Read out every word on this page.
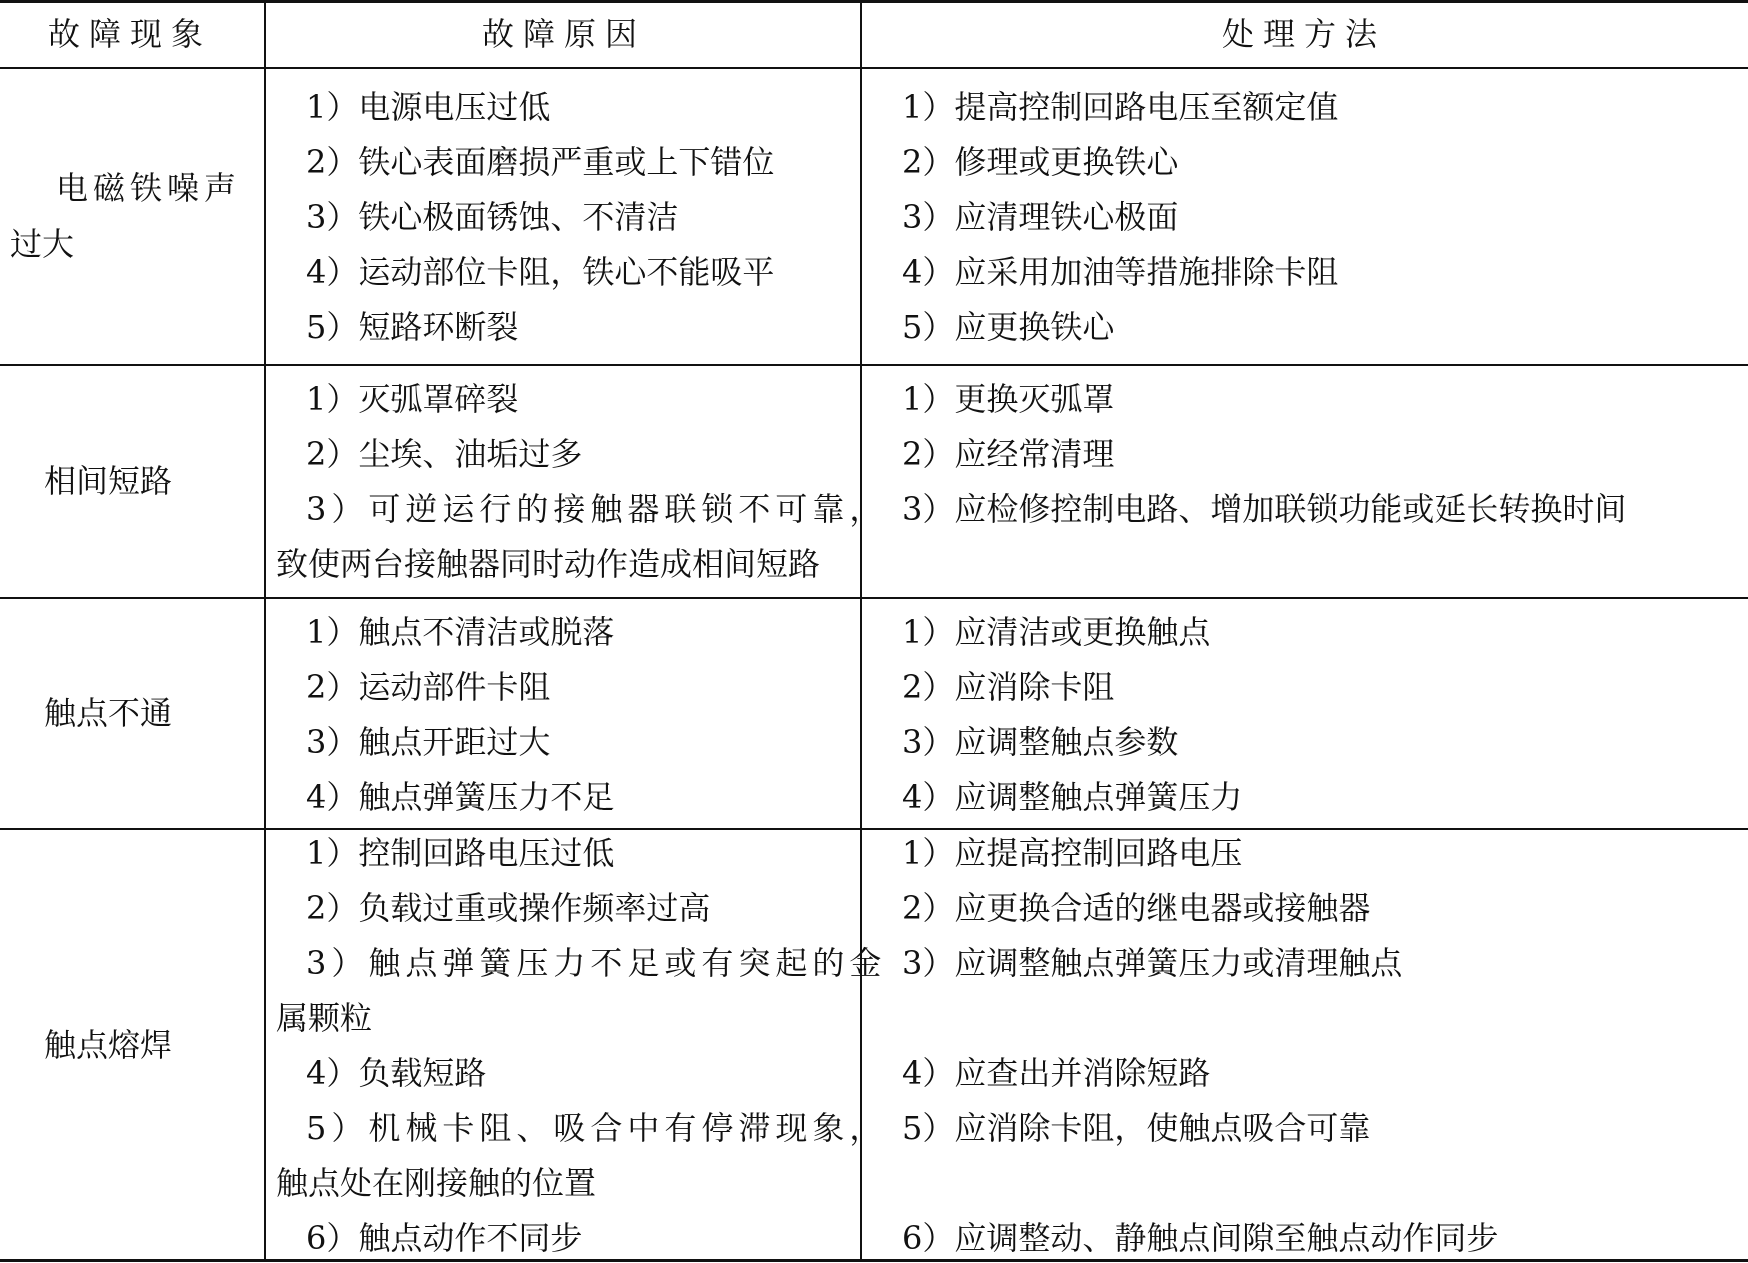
故障现象	故障原因	处理方法
电磁铁噪声
过大
1）电源电压过低
2）铁心表面磨损严重或上下错位
3）铁心极面锈蚀、不清洁
4）运动部位卡阻，铁心不能吸平
5）短路环断裂
1）提高控制回路电压至额定值
2）修理或更换铁心
3）应清理铁心极面
4）应采用加油等措施排除卡阻
5）应更换铁心
相间短路
1）灭弧罩碎裂
2）尘埃、油垢过多
3）可逆运行的接触器联锁不可靠，
致使两台接触器同时动作造成相间短路
1）更换灭弧罩
2）应经常清理
3）应检修控制电路、增加联锁功能或延长转换时间
触点不通
1）触点不清洁或脱落
2）运动部件卡阻
3）触点开距过大
4）触点弹簧压力不足
1）应清洁或更换触点
2）应消除卡阻
3）应调整触点参数
4）应调整触点弹簧压力
触点熔焊
1）控制回路电压过低
2）负载过重或操作频率过高
3）触点弹簧压力不足或有突起的金
属颗粒
4）负载短路
5）机械卡阻、吸合中有停滞现象，
触点处在刚接触的位置
6）触点动作不同步
1）应提高控制回路电压
2）应更换合适的继电器或接触器
3）应调整触点弹簧压力或清理触点
4）应查出并消除短路
5）应消除卡阻，使触点吸合可靠
6）应调整动、静触点间隙至触点动作同步
